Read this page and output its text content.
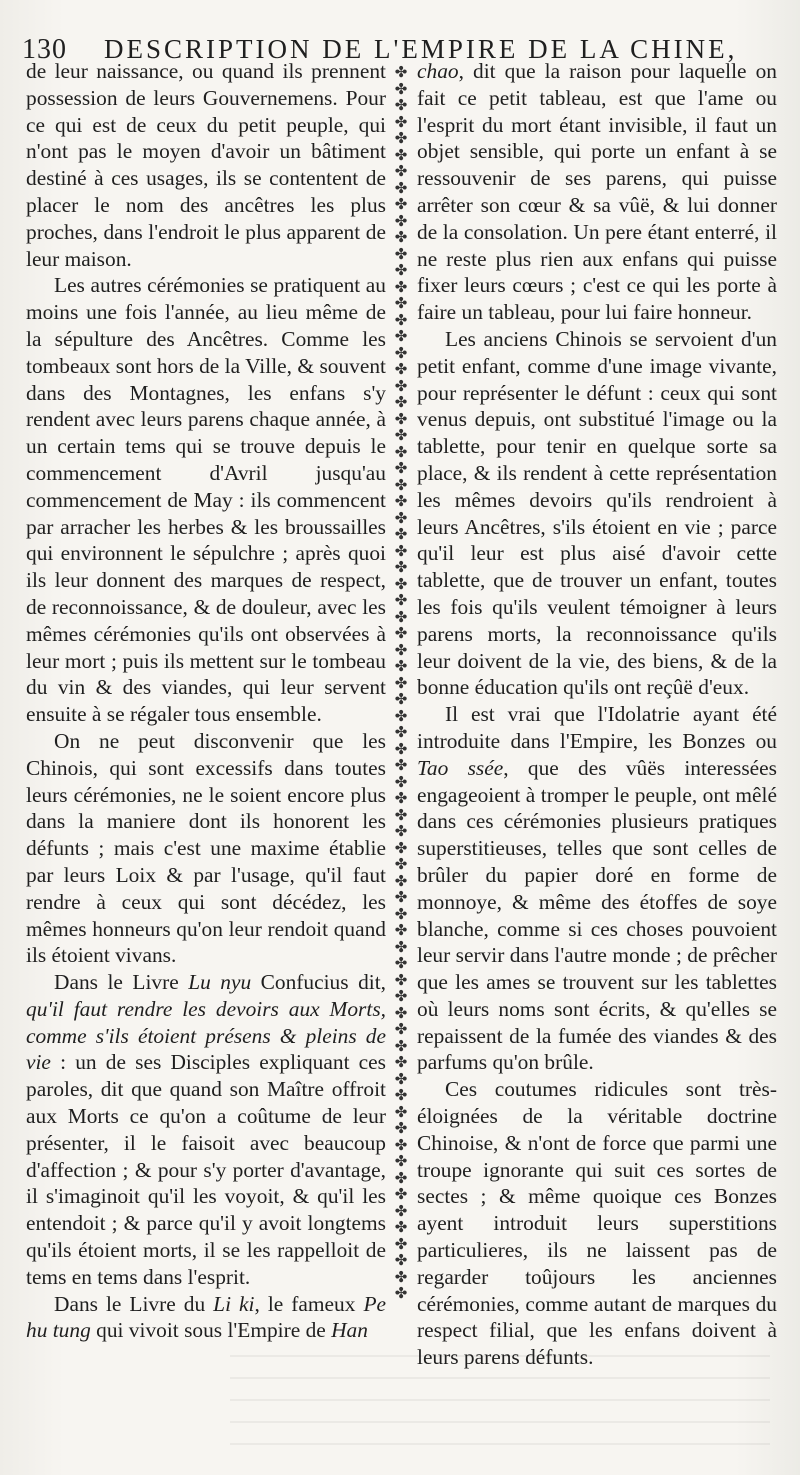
130 DESCRIPTION DE L'EMPIRE DE LA CHINE,

de leur naissance, ou quand ils prennent possession de leurs Gouvernemens. Pour ce qui est de ceux du petit peuple, qui n'ont pas le moyen d'avoir un bâtiment destiné à ces usages, ils se contentent de placer le nom des ancêtres les plus proches, dans l'endroit le plus apparent de leur maison.

Les autres cérémonies se pratiquent au moins une fois l'année, au lieu même de la sépulture des Ancêtres. Comme les tombeaux sont hors de la Ville, & souvent dans des Montagnes, les enfans s'y rendent avec leurs parens chaque année, à un certain tems qui se trouve depuis le commencement d'Avril jusqu'au commencement de May : ils commencent par arracher les herbes & les broussailles qui environnent le sépulchre ; après quoi ils leur donnent des marques de respect, de reconnoissance, & de douleur, avec les mêmes cérémonies qu'ils ont observées à leur mort ; puis ils mettent sur le tombeau du vin & des viandes, qui leur servent ensuite à se régaler tous ensemble.

On ne peut disconvenir que les Chinois, qui sont excessifs dans toutes leurs cérémonies, ne le soient encore plus dans la maniere dont ils honorent les défunts ; mais c'est une maxime établie par leurs Loix & par l'usage, qu'il faut rendre à ceux qui sont décédez, les mêmes honneurs qu'on leur rendoit quand ils étoient vivans.

Dans le Livre Lu nyu Confucius dit, qu'il faut rendre les devoirs aux Morts, comme s'ils étoient présens & pleins de vie : un de ses Disciples expliquant ces paroles, dit que quand son Maître offroit aux Morts ce qu'on a coûtume de leur présenter, il le faisoit avec beaucoup d'affection ; & pour s'y porter d'avantage, il s'imaginoit qu'il les voyoit, & qu'il les entendoit ; & parce qu'il y avoit longtems qu'ils étoient morts, il se les rappelloit de tems en tems dans l'esprit.

Dans le Livre du Li ki, le fameux Pe hu tung qui vivoit sous l'Empire de Han

✤
✤
✤
✤
✤
✤
✤
✤
✤
✤
✤
✤
✤
✤
✤
✤
✤
✤
✤
✤
✤
✤
✤
✤
✤
✤
✤
✤
✤
✤
✤
✤
✤
✤
✤
✤
✤
✤
✤
✤
✤
✤
✤
✤
✤
✤
✤
✤
✤
✤
✤
✤
✤
✤
✤
✤
✤
✤
✤
✤
✤
✤
✤
✤
✤
✤
✤
✤
✤
✤
✤
✤
✤
✤
✤

chao, dit que la raison pour laquelle on fait ce petit tableau, est que l'ame ou l'esprit du mort étant invisible, il faut un objet sensible, qui porte un enfant à se ressouvenir de ses parens, qui puisse arrêter son cœur & sa vûë, & lui donner de la consolation. Un pere étant enterré, il ne reste plus rien aux enfans qui puisse fixer leurs cœurs ; c'est ce qui les porte à faire un tableau, pour lui faire honneur.

Les anciens Chinois se servoient d'un petit enfant, comme d'une image vivante, pour représenter le défunt : ceux qui sont venus depuis, ont substitué l'image ou la tablette, pour tenir en quelque sorte sa place, & ils rendent à cette représentation les mêmes devoirs qu'ils rendroient à leurs Ancêtres, s'ils étoient en vie ; parce qu'il leur est plus aisé d'avoir cette tablette, que de trouver un enfant, toutes les fois qu'ils veulent témoigner à leurs parens morts, la reconnoissance qu'ils leur doivent de la vie, des biens, & de la bonne éducation qu'ils ont reçûë d'eux.

Il est vrai que l'Idolatrie ayant été introduite dans l'Empire, les Bonzes ou Tao ssée, que des vûës interessées engageoient à tromper le peuple, ont mêlé dans ces cérémonies plusieurs pratiques superstitieuses, telles que sont celles de brûler du papier doré en forme de monnoye, & même des étoffes de soye blanche, comme si ces choses pouvoient leur servir dans l'autre monde ; de prêcher que les ames se trouvent sur les tablettes où leurs noms sont écrits, & qu'elles se repaissent de la fumée des viandes & des parfums qu'on brûle.

Ces coutumes ridicules sont très-éloignées de la véritable doctrine Chinoise, & n'ont de force que parmi une troupe ignorante qui suit ces sortes de sectes ; & même quoique ces Bonzes ayent introduit leurs superstitions particulieres, ils ne laissent pas de regarder toûjours les anciennes cérémonies, comme autant de marques du respect filial, que les enfans doivent à leurs parens défunts.
